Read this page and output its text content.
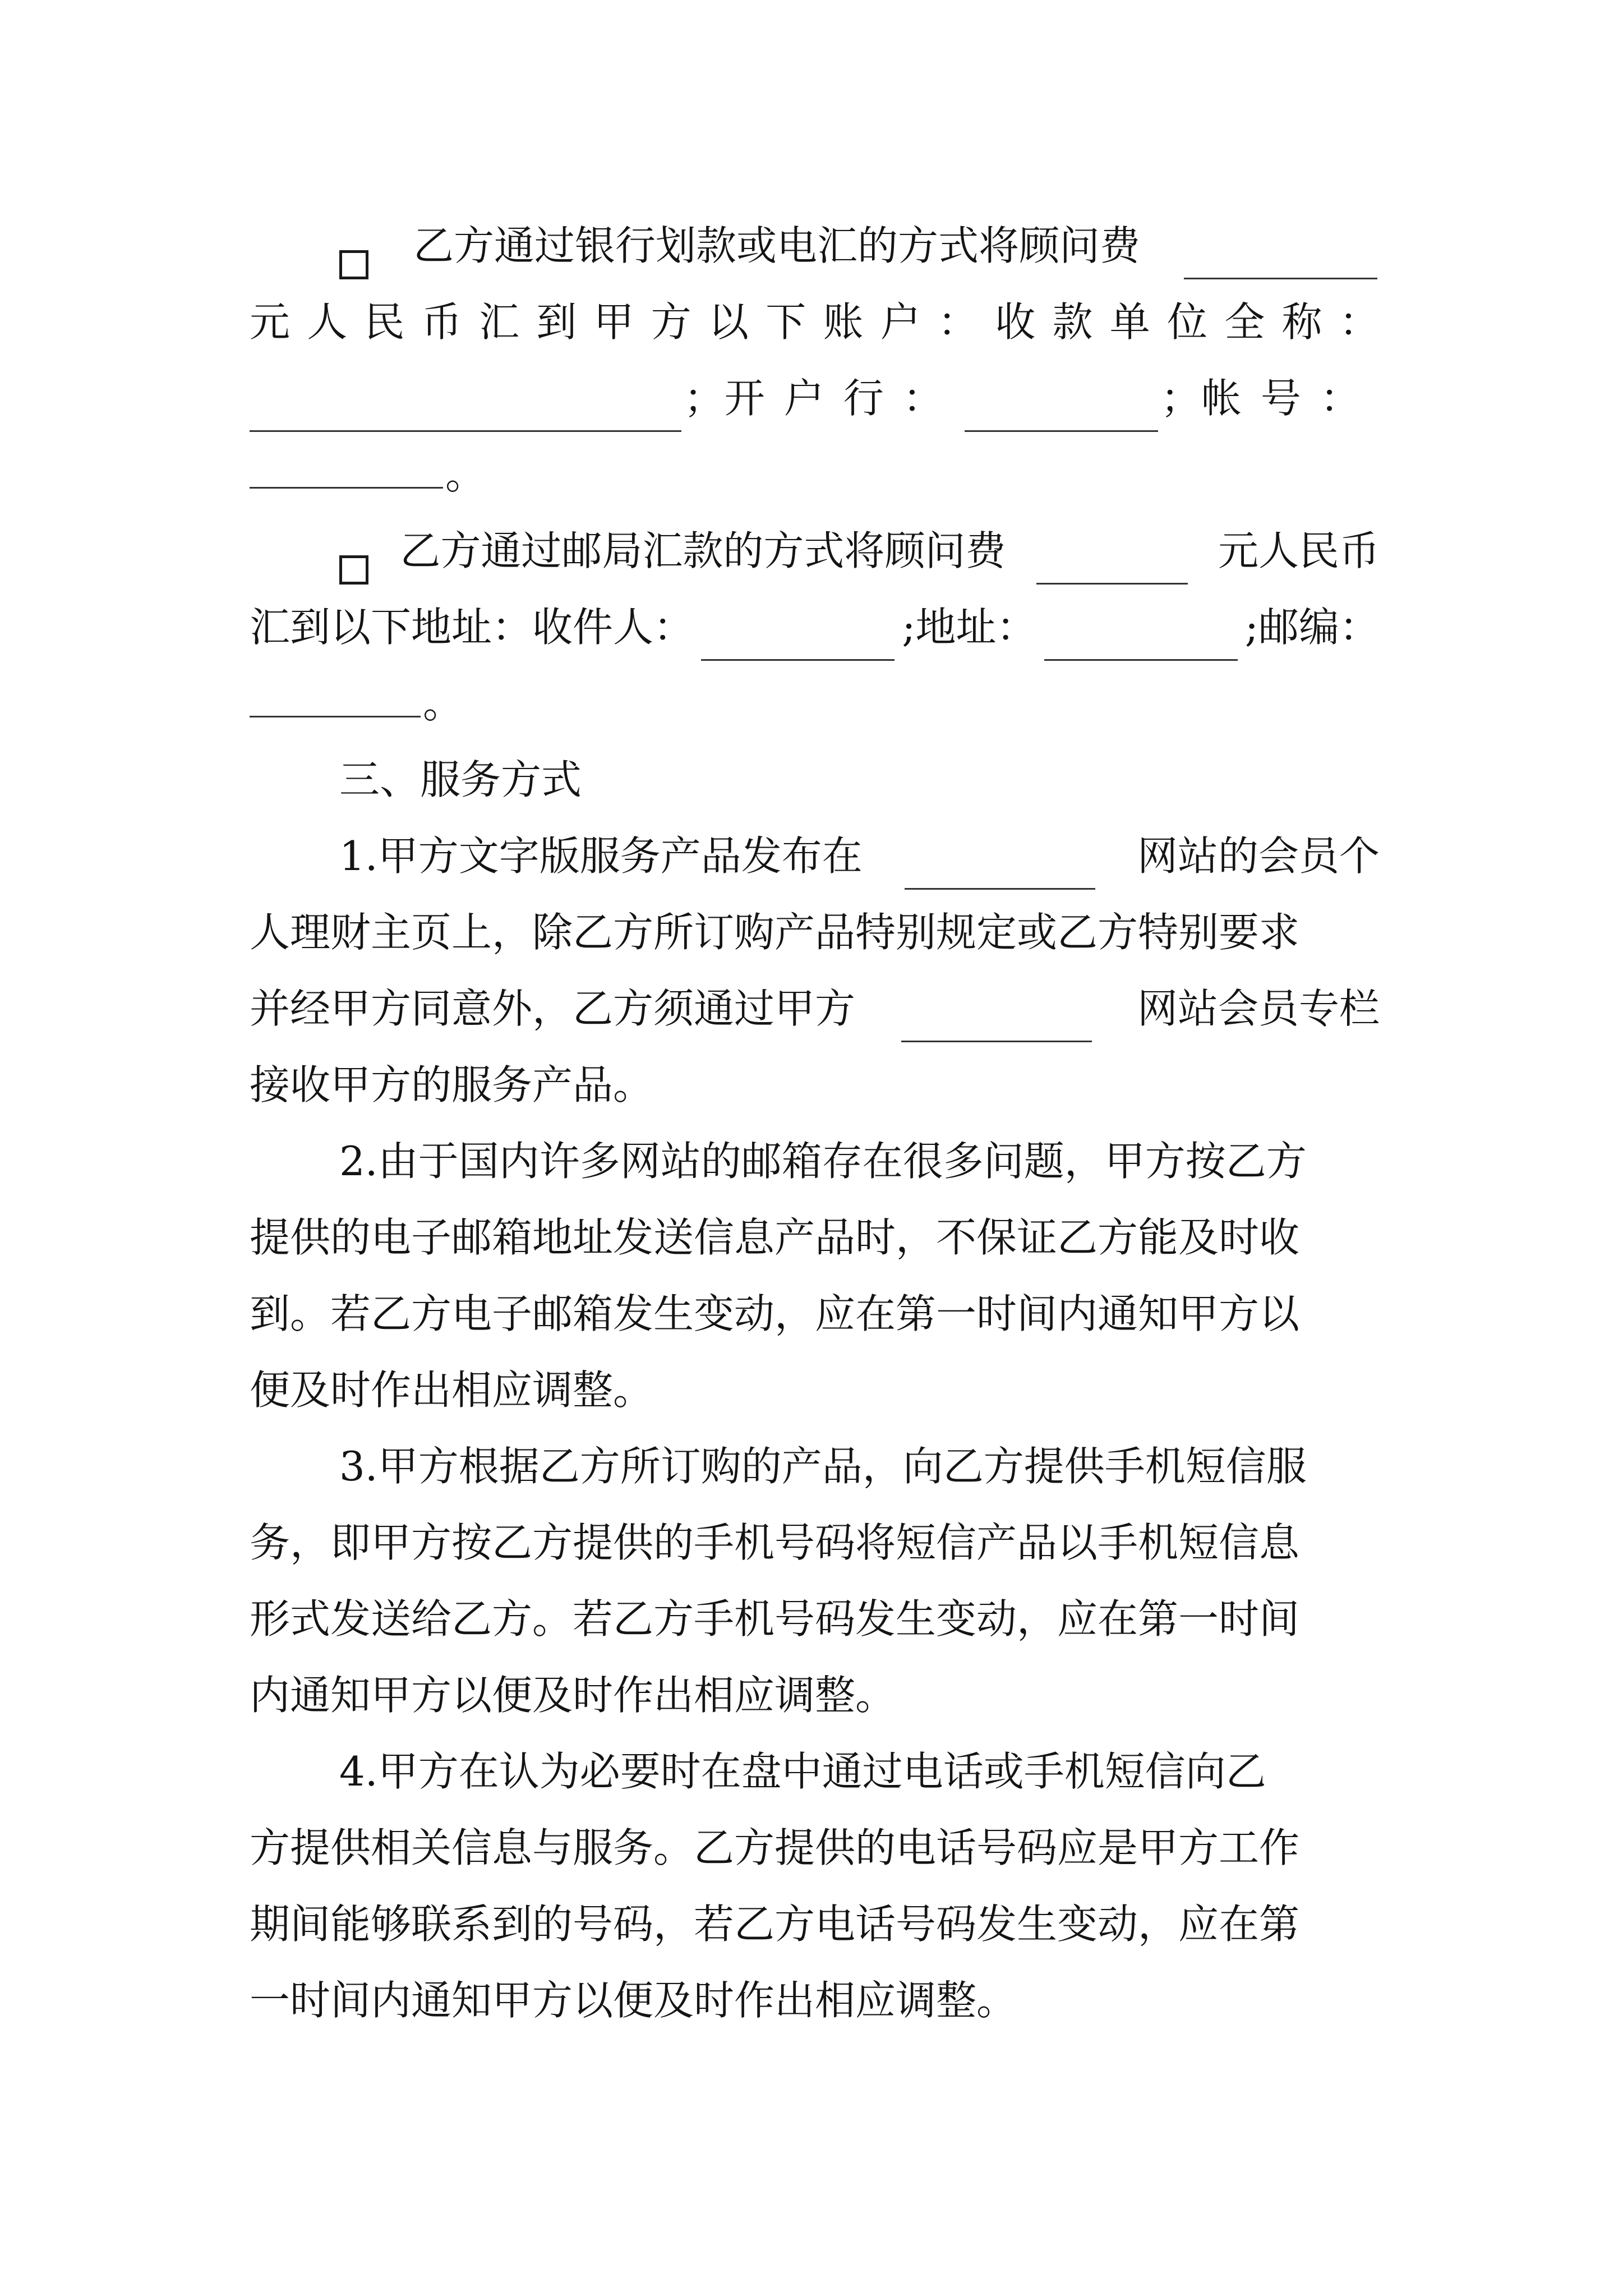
乙方通过银行划款或电汇的方式将顾问费
元 人 民 币 汇 到 甲 方 以 下 账 户 ： 收 款 单 位 全 称 ：
； 开户行：	； 帐号：
。
乙方通过邮局汇款的方式将顾问费	元人民币
汇到以下地址：收件人：	;地址：	;邮编：
。
三、服务方式
1.甲方文字版服务产品发布在	网站的会员个
人理财主页上，除乙方所订购产品特别规定或乙方特别要求
并经甲方同意外，乙方须通过甲方	网站会员专栏
接收甲方的服务产品。
2.由于国内许多网站的邮箱存在很多问题，甲方按乙方
提供的电子邮箱地址发送信息产品时，不保证乙方能及时收
到。若乙方电子邮箱发生变动，应在第一时间内通知甲方以
便及时作出相应调整。
3.甲方根据乙方所订购的产品，向乙方提供手机短信服
务，即甲方按乙方提供的手机号码将短信产品以手机短信息
形式发送给乙方。若乙方手机号码发生变动，应在第一时间
内通知甲方以便及时作出相应调整。
4.甲方在认为必要时在盘中通过电话或手机短信向乙
方提供相关信息与服务。乙方提供的电话号码应是甲方工作
期间能够联系到的号码，若乙方电话号码发生变动，应在第
一时间内通知甲方以便及时作出相应调整。
